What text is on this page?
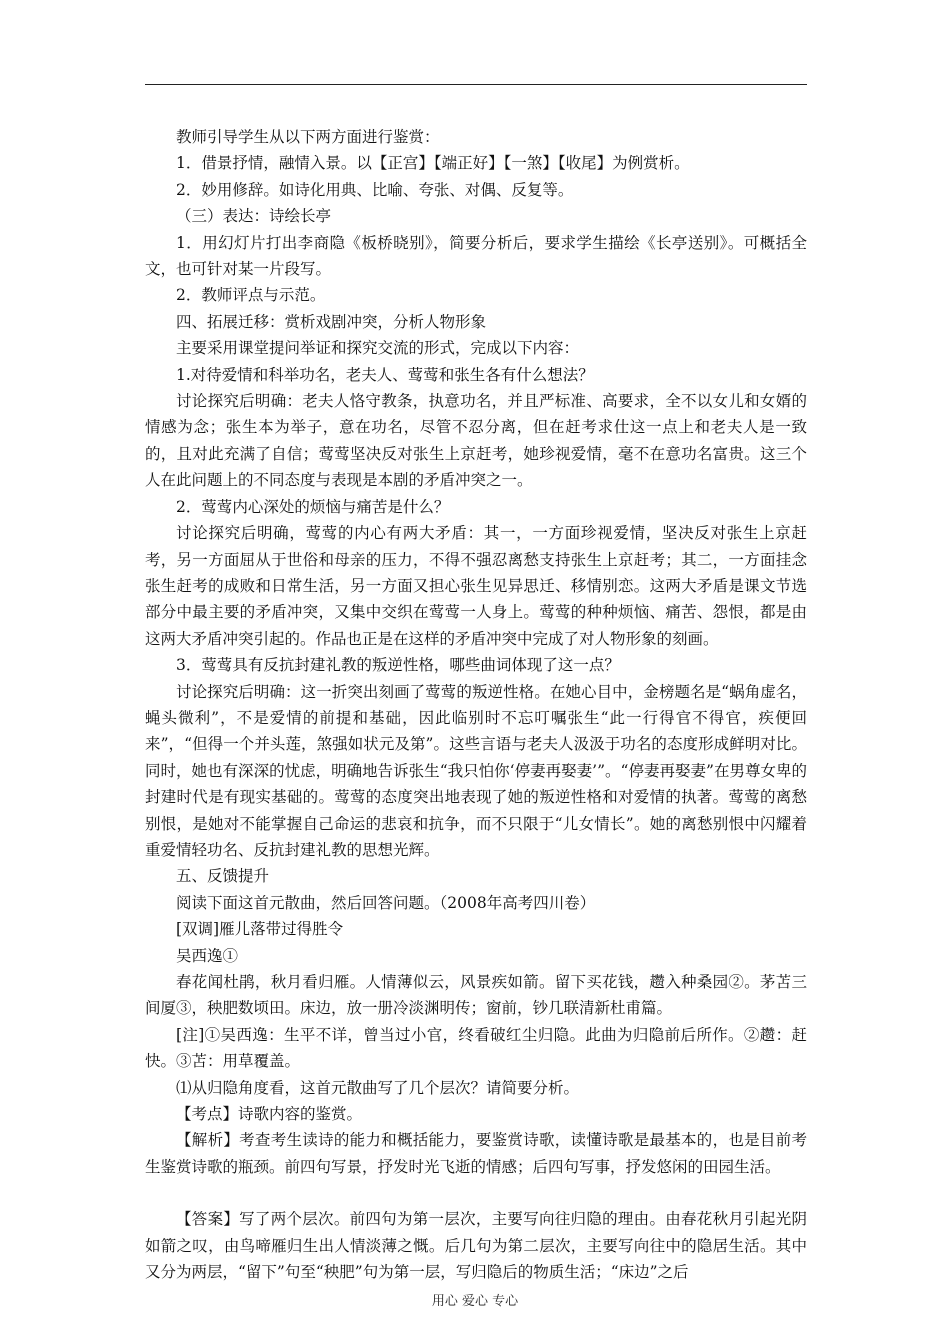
教师引导学生从以下两方面进行鉴赏：

1．借景抒情，融情入景。以【正宫】【端正好】【一煞】【收尾】为例赏析。

2．妙用修辞。如诗化用典、比喻、夸张、对偶、反复等。

（三）表达：诗绘长亭

1．用幻灯片打出李商隐《板桥晓别》，简要分析后，要求学生描绘《长亭送别》。可概括全文，也可针对某一片段写。

2．教师评点与示范。

四、拓展迁移：赏析戏剧冲突，分析人物形象

主要采用课堂提问举证和探究交流的形式，完成以下内容：

1.对待爱情和科举功名，老夫人、莺莺和张生各有什么想法？

讨论探究后明确：老夫人恪守教条，执意功名，并且严标准、高要求，全不以女儿和女婿的情感为念；张生本为举子，意在功名，尽管不忍分离，但在赶考求仕这一点上和老夫人是一致的，且对此充满了自信；莺莺坚决反对张生上京赶考，她珍视爱情，毫不在意功名富贵。这三个人在此问题上的不同态度与表现是本剧的矛盾冲突之一。

2．莺莺内心深处的烦恼与痛苦是什么？

讨论探究后明确，莺莺的内心有两大矛盾：其一，一方面珍视爱情，坚决反对张生上京赶考，另一方面屈从于世俗和母亲的压力，不得不强忍离愁支持张生上京赶考；其二，一方面挂念张生赶考的成败和日常生活，另一方面又担心张生见异思迁、移情别恋。这两大矛盾是课文节选部分中最主要的矛盾冲突，又集中交织在莺莺一人身上。莺莺的种种烦恼、痛苦、怨恨，都是由这两大矛盾冲突引起的。作品也正是在这样的矛盾冲突中完成了对人物形象的刻画。

3．莺莺具有反抗封建礼教的叛逆性格，哪些曲词体现了这一点？

讨论探究后明确：这一折突出刻画了莺莺的叛逆性格。在她心目中，金榜题名是“蜗角虚名，蝇头微利”，不是爱情的前提和基础，因此临别时不忘叮嘱张生“此一行得官不得官，疾便回来”，“但得一个并头莲，煞强如状元及第”。这些言语与老夫人汲汲于功名的态度形成鲜明对比。同时，她也有深深的忧虑，明确地告诉张生“我只怕你‘停妻再娶妻’”。“停妻再娶妻”在男尊女卑的封建时代是有现实基础的。莺莺的态度突出地表现了她的叛逆性格和对爱情的执著。莺莺的离愁别恨，是她对不能掌握自己命运的悲哀和抗争，而不只限于“儿女情长”。她的离愁别恨中闪耀着重爱情轻功名、反抗封建礼教的思想光辉。

五、反馈提升

阅读下面这首元散曲，然后回答问题。（2008年高考四川卷）

[双调]雁儿落带过得胜令

吴西逸①

春花闻杜鹃，秋月看归雁。人情薄似云，风景疾如箭。留下买花钱，趱入种桑园②。茅苫三间厦③，秧肥数顷田。床边，放一册冷淡渊明传；窗前，钞几联清新杜甫篇。

[注]①吴西逸：生平不详，曾当过小官，终看破红尘归隐。此曲为归隐前后所作。②趱：赶快。③苫：用草覆盖。

⑴从归隐角度看，这首元散曲写了几个层次？请简要分析。

【考点】诗歌内容的鉴赏。

【解析】考查考生读诗的能力和概括能力，要鉴赏诗歌，读懂诗歌是最基本的，也是目前考生鉴赏诗歌的瓶颈。前四句写景，抒发时光飞逝的情感；后四句写事，抒发悠闲的田园生活。

【答案】写了两个层次。前四句为第一层次，主要写向往归隐的理由。由春花秋月引起光阴如箭之叹，由鸟啼雁归生出人情淡薄之慨。后几句为第二层次，主要写向往中的隐居生活。其中又分为两层，“留下”句至“秧肥”句为第一层，写归隐后的物质生活；“床边”之后

用心 爱心 专心
